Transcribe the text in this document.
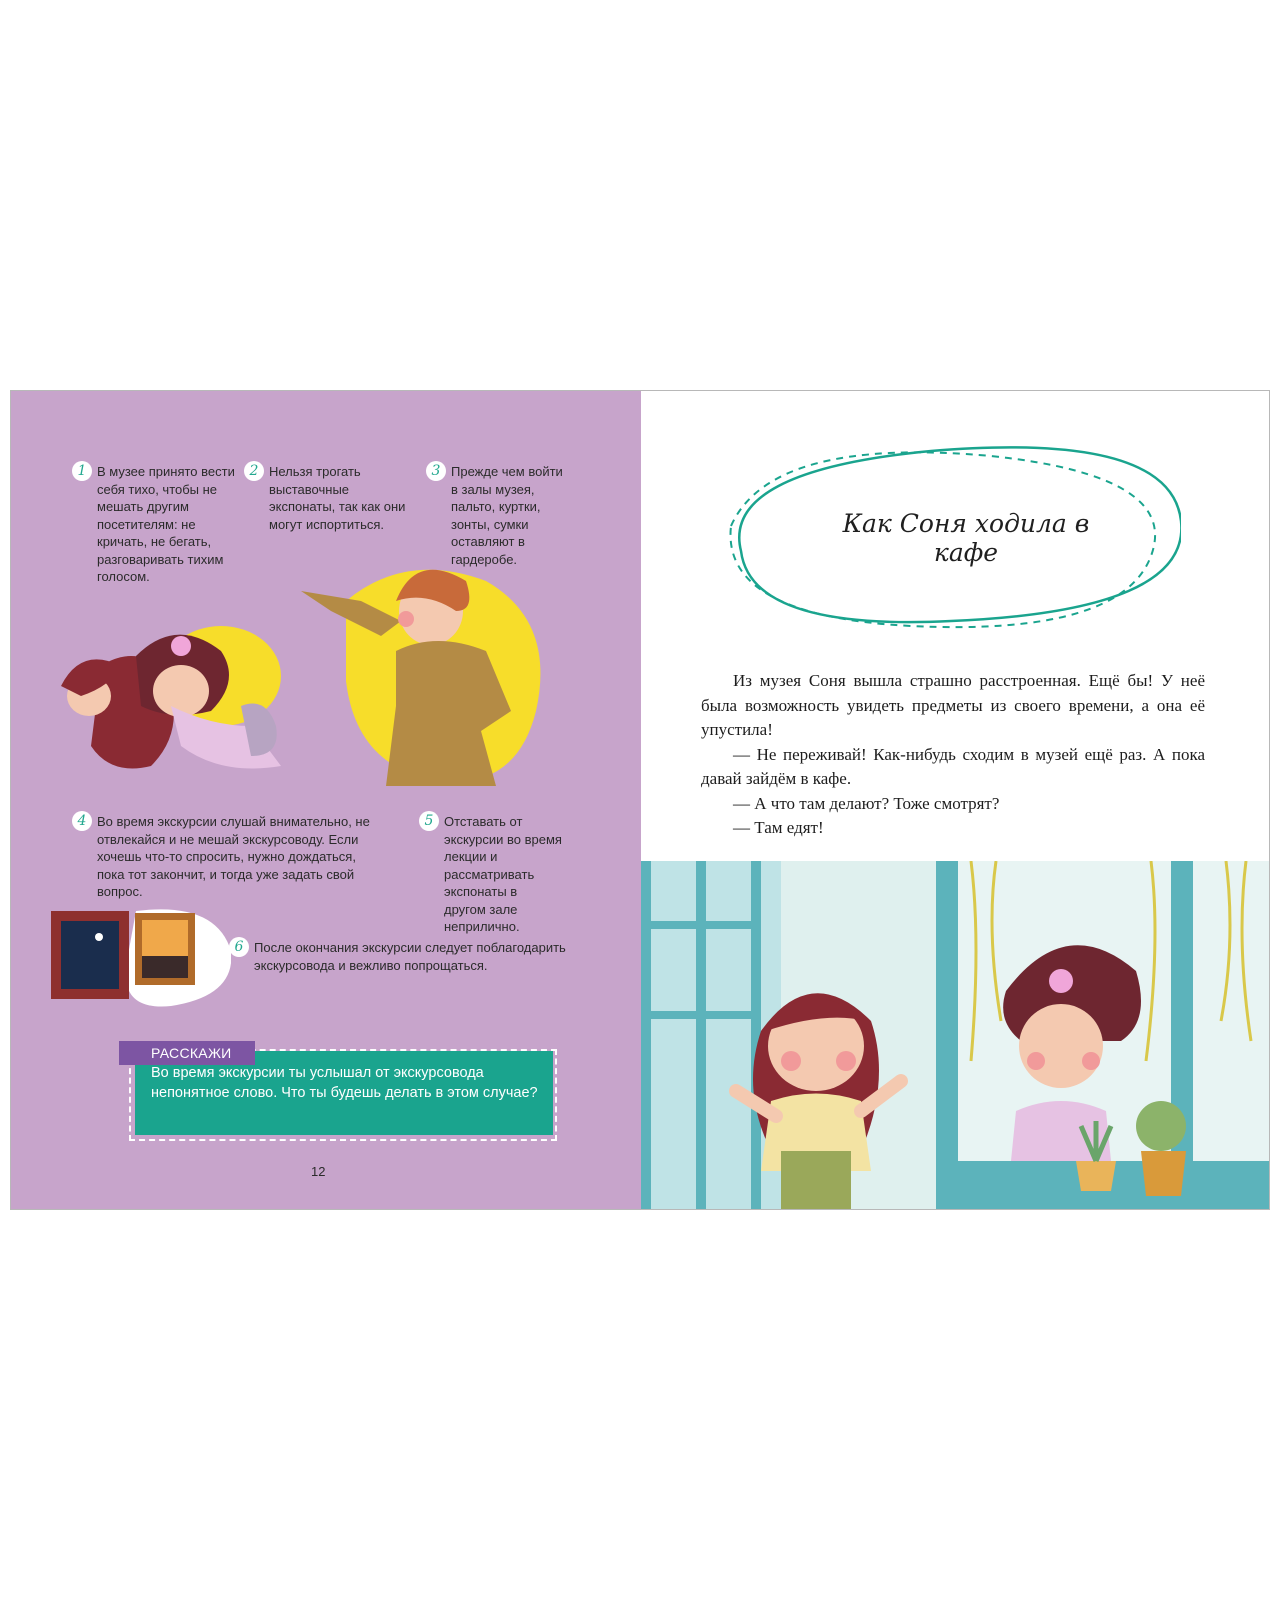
1 В музее принято вести себя тихо, чтобы не мешать другим посетителям: не кричать, не бегать, разговаривать тихим голосом.
2 Нельзя трогать выставочные экспонаты, так как они могут испортиться.
3 Прежде чем войти в залы музея, пальто, куртки, зонты, сумки оставляют в гардеробе.
4 Во время экскурсии слушай внимательно, не отвлекайся и не мешай экскурсоводу. Если хочешь что-то спросить, нужно дождаться, пока тот закончит, и тогда уже задать свой вопрос.
5 Отставать от экскурсии во время лекции и рассматривать экспонаты в другом зале неприлично.
6 После окончания экскурсии следует поблагодарить экскурсовода и вежливо попрощаться.
РАССКАЖИ
Во время экскурсии ты услышал от экскурсовода непонятное слово. Что ты будешь делать в этом случае?
12
Как Соня ходила в кафе

Из музея Соня вышла страшно расстроенная. Ещё бы! У неё была возможность увидеть предметы из своего времени, а она её упустила!

— Не переживай! Как-нибудь сходим в музей ещё раз. А пока давай зайдём в кафе.

— А что там делают? Тоже смотрят?

— Там едят!
